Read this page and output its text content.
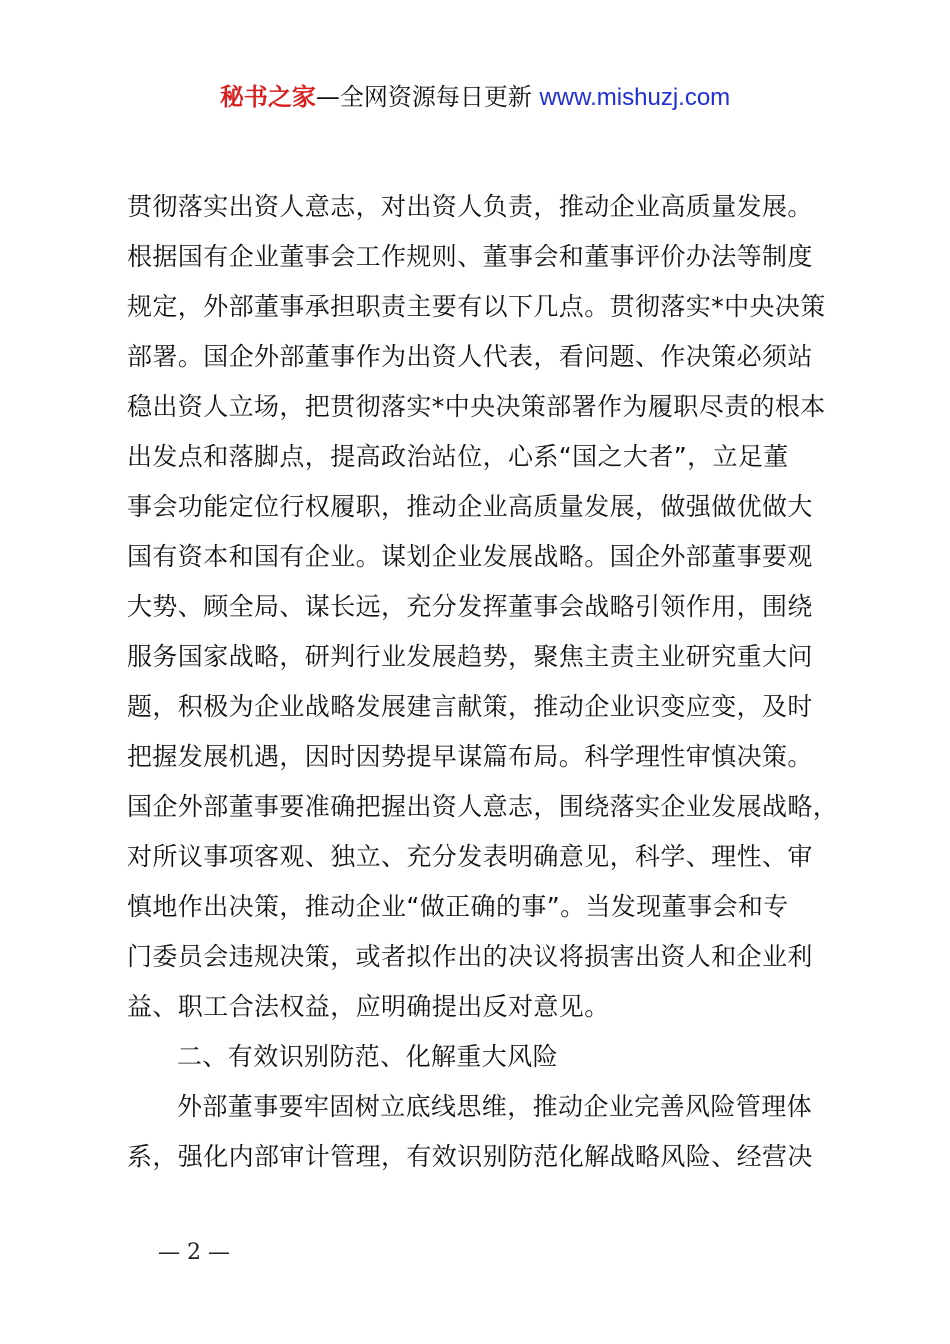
秘书之家—全网资源每日更新 www.mishuzj.com
贯彻落实出资人意志，对出资人负责，推动企业高质量发展。
根据国有企业董事会工作规则、董事会和董事评价办法等制度
规定，外部董事承担职责主要有以下几点。贯彻落实*中央决策
部署。国企外部董事作为出资人代表，看问题、作决策必须站
稳出资人立场，把贯彻落实*中央决策部署作为履职尽责的根本
出发点和落脚点，提高政治站位，心系“国之大者”，立足董
事会功能定位行权履职，推动企业高质量发展，做强做优做大
国有资本和国有企业。谋划企业发展战略。国企外部董事要观
大势、顾全局、谋长远，充分发挥董事会战略引领作用，围绕
服务国家战略，研判行业发展趋势，聚焦主责主业研究重大问
题，积极为企业战略发展建言献策，推动企业识变应变，及时
把握发展机遇，因时因势提早谋篇布局。科学理性审慎决策。
国企外部董事要准确把握出资人意志，围绕落实企业发展战略，
对所议事项客观、独立、充分发表明确意见，科学、理性、审
慎地作出决策，推动企业“做正确的事”。当发现董事会和专
门委员会违规决策，或者拟作出的决议将损害出资人和企业利
益、职工合法权益，应明确提出反对意见。
二、有效识别防范、化解重大风险
外部董事要牢固树立底线思维，推动企业完善风险管理体
系，强化内部审计管理，有效识别防范化解战略风险、经营决
— 2 —
